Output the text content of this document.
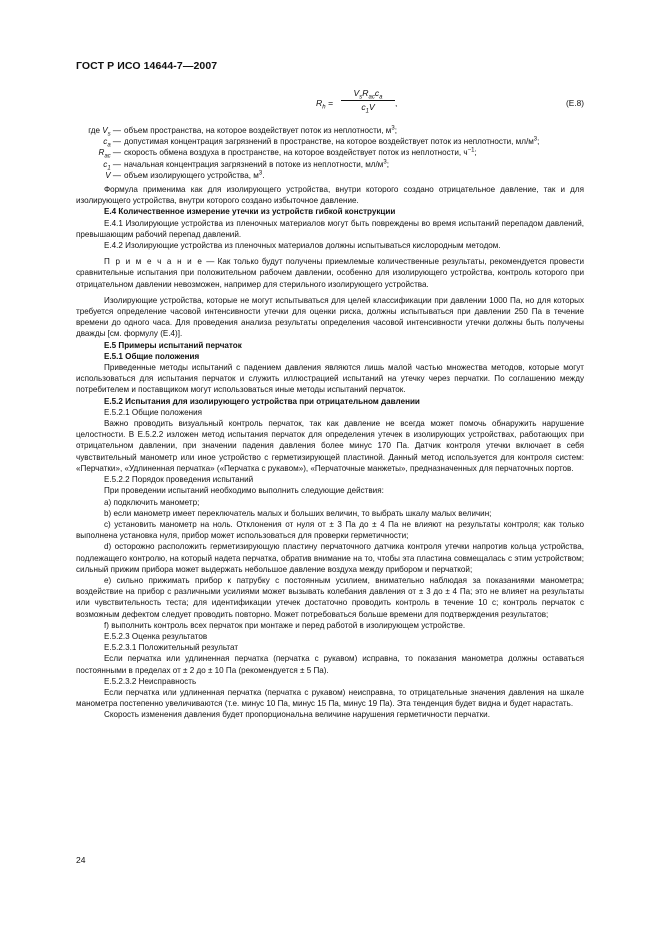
ГОСТ Р ИСО 14644-7—2007
$R_h$ =
$V_sR_{ac}c_a$
$c_1V$	,	(E.8)
где $V_s$ — объем пространства, на которое воздействует поток из неплотности, $м^3$;
$c_a$ — допустимая концентрация загрязнений в пространстве, на которое воздействует поток из неплотности, $мл/м^3$;
$R_{ac}$ — скорость обмена воздуха в пространстве, на которое воздействует поток из неплотности, $ч^{-1}$;
$c_1$ — начальная концентрация загрязнений в потоке из неплотности, $мл/м^3$;
V — объем изолирующего устройства, $м^3$.

Формула применима как для изолирующего устройства, внутри которого создано отрицательное давление, так и для изолирующего устройства, внутри которого создано избыточное давление.

E.4 Количественное измерение утечки из устройств гибкой конструкции

E.4.1 Изолирующие устройства из пленочных материалов могут быть повреждены во время испытаний перепадом давлений, превышающим рабочий перепад давлений.

E.4.2 Изолирующие устройства из пленочных материалов должны испытываться кислородным методом.

П р и м е ч а н и е — Как только будут получены приемлемые количественные результаты, рекомендуется провести сравнительные испытания при положительном рабочем давлении, особенно для изолирующего устройства, контроль которого при отрицательном давлении невозможен, например для стерильного изолирующего устройства.

Изолирующие устройства, которые не могут испытываться для целей классификации при давлении 1000 Па, но для которых требуется определение часовой интенсивности утечки для оценки риска, должны испытываться при давлении 250 Па в течение времени до одного часа. Для проведения анализа результаты определения часовой интенсивности утечки должны быть получены дважды [см. формулу (Е.4)].

E.5 Примеры испытаний перчаток

E.5.1 Общие положения

Приведенные методы испытаний с падением давления являются лишь малой частью множества методов, которые могут использоваться для испытания перчаток и служить иллюстрацией испытаний на утечку через перчатки. По соглашению между потребителем и поставщиком могут использоваться иные методы испытаний перчаток.

E.5.2 Испытания для изолирующего устройства при отрицательном давлении

E.5.2.1 Общие положения

Важно проводить визуальный контроль перчаток, так как давление не всегда может помочь обнаружить нарушение целостности. В Е.5.2.2 изложен метод испытания перчаток для определения утечек в изолирующих устройствах, работающих при отрицательном давлении, при значении падения давления более минус 170 Па. Датчик контроля утечки включает в себя чувствительный манометр или иное устройство с герметизирующей пластиной. Данный метод используется для контроля систем: «Перчатки», «Удлиненная перчатка» («Перчатка с рукавом»), «Перчаточные манжеты», предназначенных для перчаточных портов.

E.5.2.2 Порядок проведения испытаний

При проведении испытаний необходимо выполнить следующие действия:

a) подключить манометр;

b) если манометр имеет переключатель малых и больших величин, то выбрать шкалу малых величин;

c) установить манометр на ноль. Отклонения от нуля от ± 3 Па до ± 4 Па не влияют на результаты контроля; как только выполнена установка нуля, прибор может использоваться для проверки герметичности;

d) осторожно расположить герметизирующую пластину перчаточного датчика контроля утечки напротив кольца устройства, подлежащего контролю, на который надета перчатка, обратив внимание на то, чтобы эта пластина совмещалась с этим устройством; сильный прижим прибора может выдержать небольшое давление воздуха между прибором и перчаткой;

e) сильно прижимать прибор к патрубку с постоянным усилием, внимательно наблюдая за показаниями манометра; воздействие на прибор с различными усилиями может вызывать колебания давления от ± 3 до ± 4 Па; это не влияет на результаты или чувствительность теста; для идентификации утечек достаточно проводить контроль в течение 10 с; контроль перчаток с возможным дефектом следует проводить повторно. Может потребоваться больше времени для подтверждения результатов;

f) выполнить контроль всех перчаток при монтаже и перед работой в изолирующем устройстве.

E.5.2.3 Оценка результатов

E.5.2.3.1 Положительный результат

Если перчатка или удлиненная перчатка (перчатка с рукавом) исправна, то показания манометра должны оставаться постоянными в пределах от ± 2 до ± 10 Па (рекомендуется ± 5 Па).

E.5.2.3.2 Неисправность

Если перчатка или удлиненная перчатка (перчатка с рукавом) неисправна, то отрицательные значения давления на шкале манометра постепенно увеличиваются (т.е. минус 10 Па, минус 15 Па, минус 19 Па). Эта тенденция будет видна и будет нарастать.

Скорость изменения давления будет пропорциональна величине нарушения герметичности перчатки.

24
